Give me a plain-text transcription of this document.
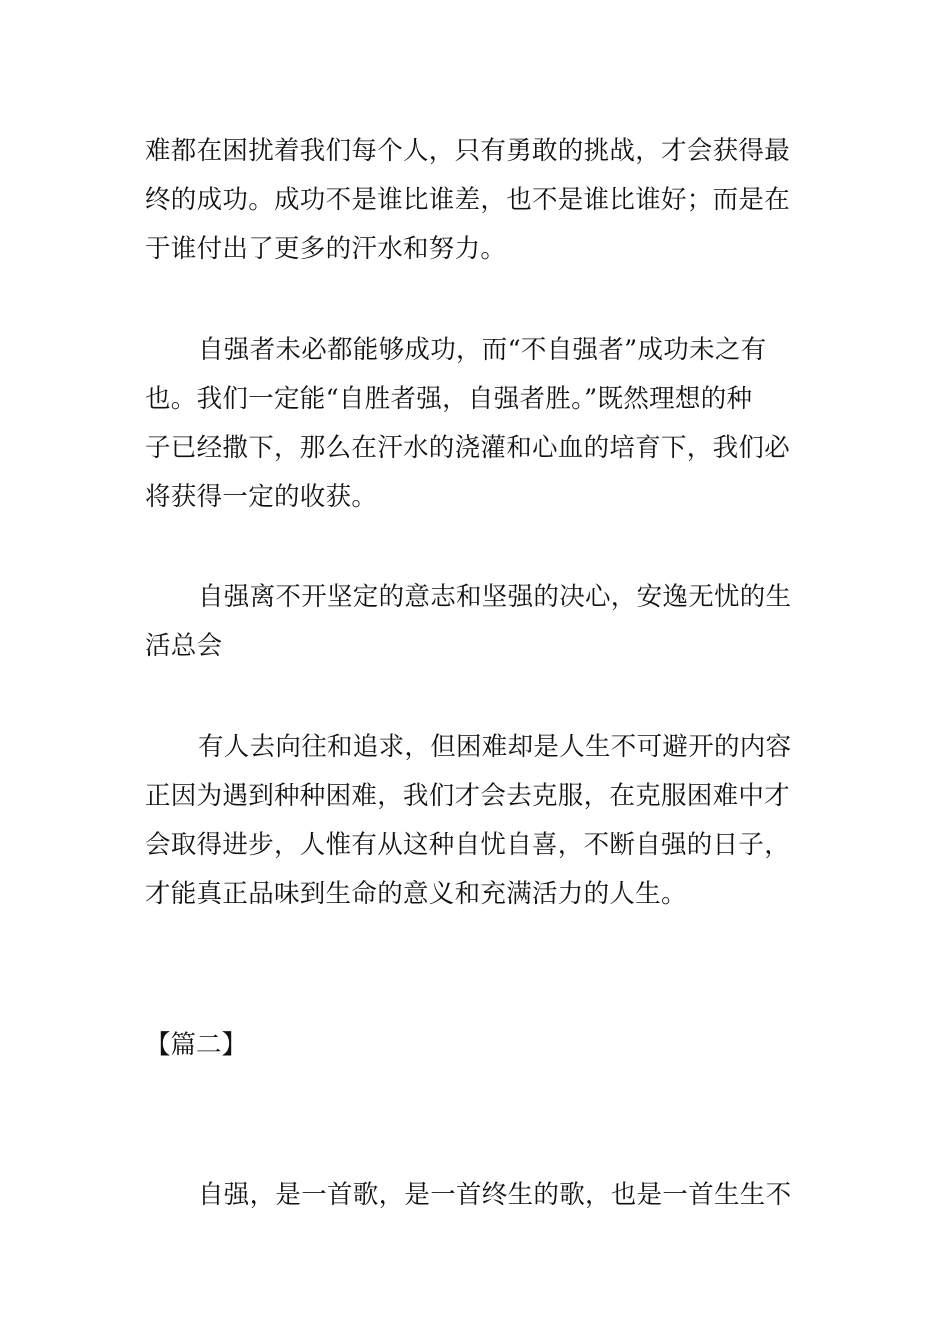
难都在困扰着我们每个人，只有勇敢的挑战，才会获得最
终的成功。成功不是谁比谁差，也不是谁比谁好；而是在
于谁付出了更多的汗水和努力。
自强者未必都能够成功，而“不自强者”成功未之有
也。我们一定能“自胜者强，自强者胜。”既然理想的种
子已经撒下，那么在汗水的浇灌和心血的培育下，我们必
将获得一定的收获。
自强离不开坚定的意志和坚强的决心，安逸无忧的生
活总会
有人去向往和追求，但困难却是人生不可避开的内容
正因为遇到种种困难，我们才会去克服，在克服困难中才
会取得进步，人惟有从这种自忧自喜，不断自强的日子，
才能真正品味到生命的意义和充满活力的人生。
【篇二】
自强，是一首歌，是一首终生的歌，也是一首生生不
